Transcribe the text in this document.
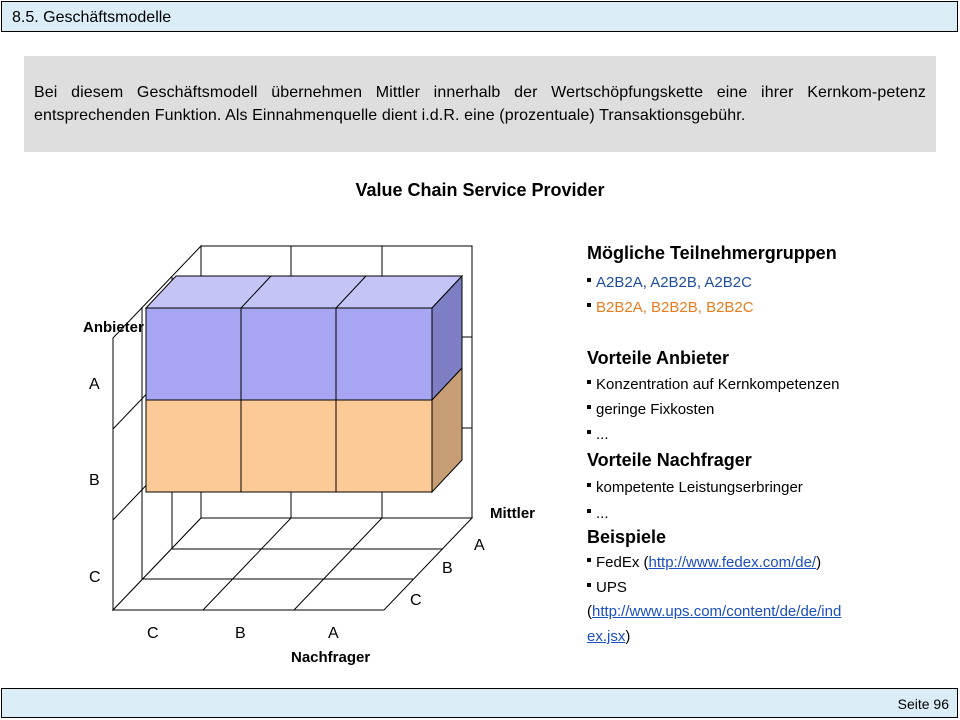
8.5. Geschäftsmodelle
Bei diesem Geschäftsmodell übernehmen Mittler innerhalb der Wertschöpfungskette eine ihrer Kernkom-petenz entsprechenden Funktion. Als Einnahmenquelle dient i.d.R. eine (prozentuale) Transaktionsgebühr.
Value Chain Service Provider
Anbieter
A
B
C
C	B	A
Nachfrager
Mittler
A
B
C
Mögliche Teilnehmergruppen
A2B2A, A2B2B, A2B2C
B2B2A, B2B2B, B2B2C
Vorteile Anbieter
Konzentration auf Kernkompetenzen
geringe Fixkosten
...
Vorteile Nachfrager
kompetente Leistungserbringer
...
Beispiele
FedEx (http://www.fedex.com/de/)
UPS
(http://www.ups.com/content/de/de/ind
ex.jsx)
Seite 96
